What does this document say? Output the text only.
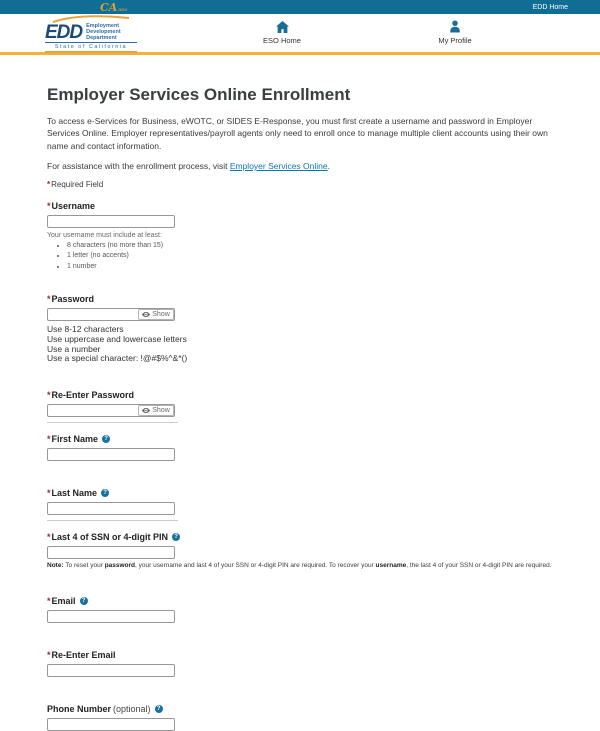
CA GOV	EDD Home
EDD Employment
Development
Department
State of California
ESO Home	My Profile
Employer Services Online Enrollment

To access e-Services for Business, eWOTC, or SIDES E-Response, you must first create a username and password in Employer Services Online. Employer representatives/payroll agents only need to enroll once to manage multiple client accounts using their own name and contact information.

For assistance with the enrollment process, visit Employer Services Online.

*Required Field

* Username
Your username must include at least:
• 8 characters (no more than 15)
• 1 letter (no accents)
• 1 number
* Password
Show

Use 8-12 characters

Use uppercase and lowercase letters

Use a number

Use a special character: !@#$%^&*()

* Re-Enter Password
Show
* First Name	?
* Last Name	?
* Last 4 of SSN or 4-digit PIN	?

Note: To reset your password, your username and last 4 of your SSN or 4-digit PIN are required. To recover your username, the last 4 of your SSN or 4-digit PIN are required.

* Email	?
* Re-Enter Email
Phone Number (optional)	?
